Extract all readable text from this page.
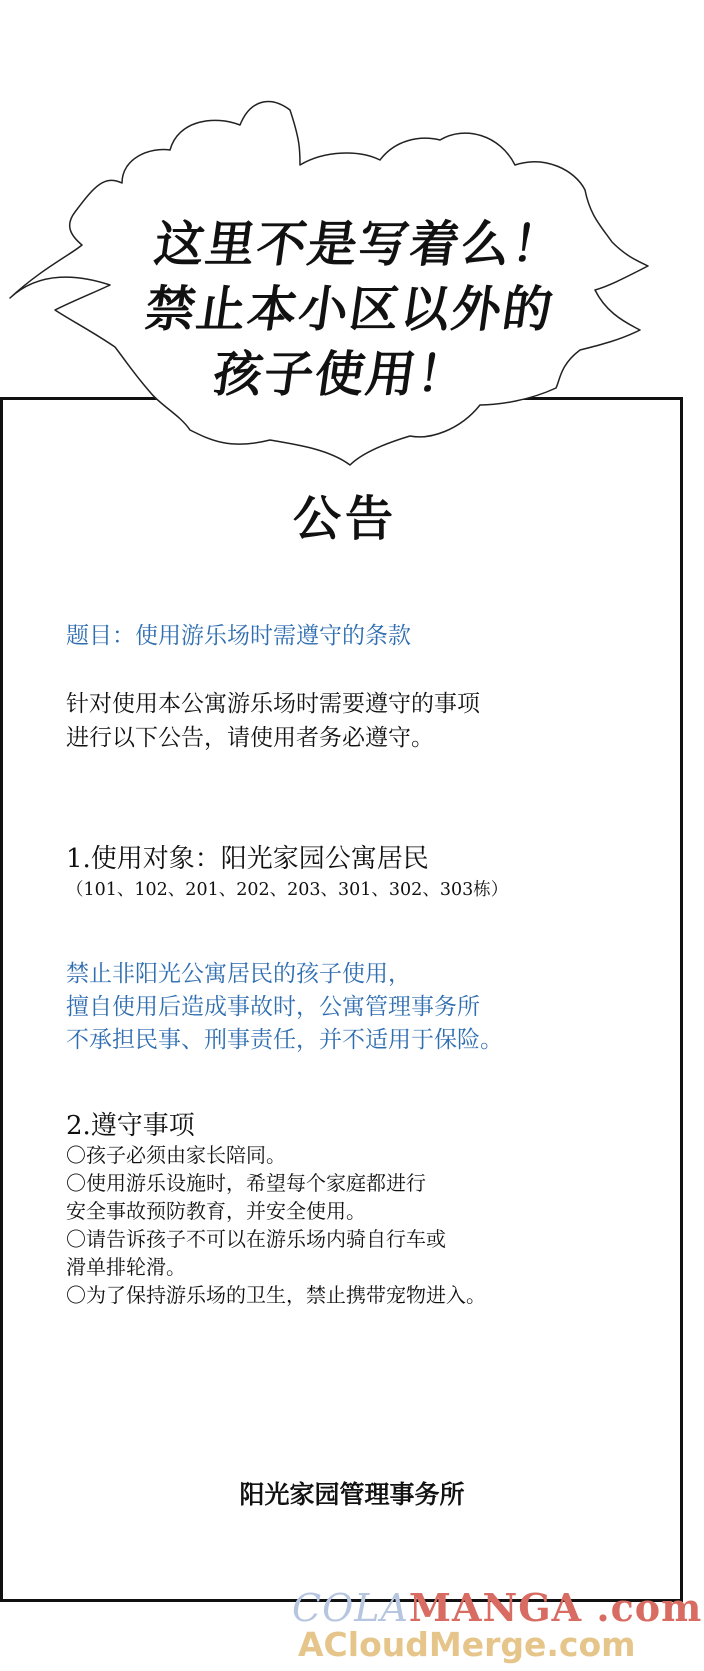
这里不是写着么！
禁止本小区以外的
孩子使用！
公告
题目：使用游乐场时需遵守的条款
针对使用本公寓游乐场时需要遵守的事项
进行以下公告，请使用者务必遵守。
1.使用对象：阳光家园公寓居民
（101、102、201、202、203、301、302、303栋）
禁止非阳光公寓居民的孩子使用，
擅自使用后造成事故时，公寓管理事务所
不承担民事、刑事责任，并不适用于保险。
2.遵守事项
〇孩子必须由家长陪同。
〇使用游乐设施时，希望每个家庭都进行
安全事故预防教育，并安全使用。
〇请告诉孩子不可以在游乐场内骑自行车或
滑单排轮滑。
〇为了保持游乐场的卫生，禁止携带宠物进入。
阳光家园管理事务所
COLAMANGA .com
ACloudMerge.com
